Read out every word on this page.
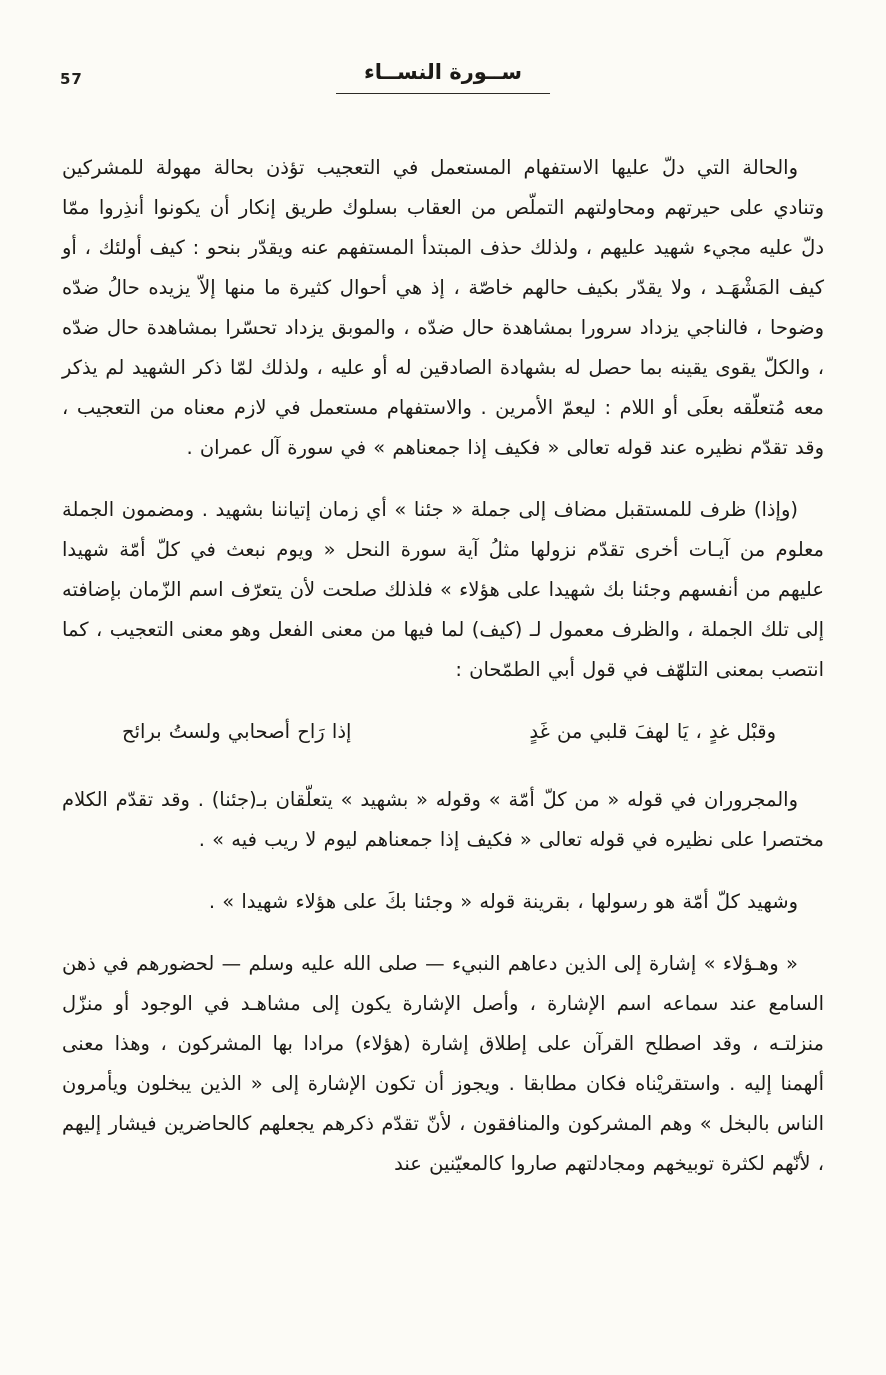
57	ســورة النســاء

والحالة التي دلّ عليها الاستفهام المستعمل في التعجيب تؤذن بحالة مهولة للمشركين وتنادي على حيرتهم ومحاولتهم التملّص من العقاب بسلوك طريق إنكار أن يكونوا أنذِروا ممّا دلّ عليه مجيء شهيد عليهم ، ولذلك حذف المبتدأ المستفهم عنه ويقدّر بنحو : كيف أولئك ، أو كيف المَشْهَـد ، ولا يقدّر بكيف حالهم خاصّة ، إذ هي أحوال كثيرة ما منها إلاّ يزيده حالُ ضدّه وضوحا ، فالناجي يزداد سرورا بمشاهدة حال ضدّه ، والموبق يزداد تحسّرا بمشاهدة حال ضدّه ، والكلّ يقوى يقينه بما حصل له بشهادة الصادقين له أو عليه ، ولذلك لمّا ذكر الشهيد لم يذكر معه مُتعلّقه بعلَى أو اللام : ليعمّ الأمرين . والاستفهام مستعمل في لازم معناه من التعجيب ، وقد تقدّم نظيره عند قوله تعالى « فكيف إذا جمعناهم » في سورة آل عمران .

(وإذا) ظرف للمستقبل مضاف إلى جملة « جئنا » أي زمان إتياننا بشهيد . ومضمون الجملة معلوم من آيـات أخرى تقدّم نزولها مثلُ آية سورة النحل « ويوم نبعث في كلّ أمّة شهيدا عليهم من أنفسهم وجئنا بك شهيدا على هؤلاء » فلذلك صلحت لأن يتعرّف اسم الزّمان بإضافته إلى تلك الجملة ، والظرف معمول لـ (كيف) لما فيها من معنى الفعل وهو معنى التعجيب ، كما انتصب بمعنى التلهّف في قول أبي الطمّحان :

وقبْل غدٍ ، يَا لهفَ قلبي من غَدٍ
إذا رَاح أصحابي ولستُ برائح

والمجروران في قوله « من كلّ أمّة » وقوله « بشهيد » يتعلّقان بـ(جئنا) . وقد تقدّم الكلام مختصرا على نظيره في قوله تعالى « فكيف إذا جمعناهم ليوم لا ريب فيه » .

وشهيد كلّ أمّة هو رسولها ، بقرينة قوله « وجئنا بكَ على هؤلاء شهيدا » .

« وهـؤلاء » إشارة إلى الذين دعاهم النبيء — صلى الله عليه وسلم — لحضورهم في ذهن السامع عند سماعه اسم الإشارة ، وأصل الإشارة يكون إلى مشاهـد في الوجود أو منزّل منزلتـه ، وقد اصطلح القرآن على إطلاق إشارة (هؤلاء) مرادا بها المشركون ، وهذا معنى ألهمنا إليه . واستقريْناه فكان مطابقا . ويجوز أن تكون الإشارة إلى « الذين يبخلون ويأمرون الناس بالبخل » وهم المشركون والمنافقون ، لأنّ تقدّم ذكرهم يجعلهم كالحاضرين فيشار إليهم ، لأنّهم لكثرة توبيخهم ومجادلتهم صاروا كالمعيّنين عند
